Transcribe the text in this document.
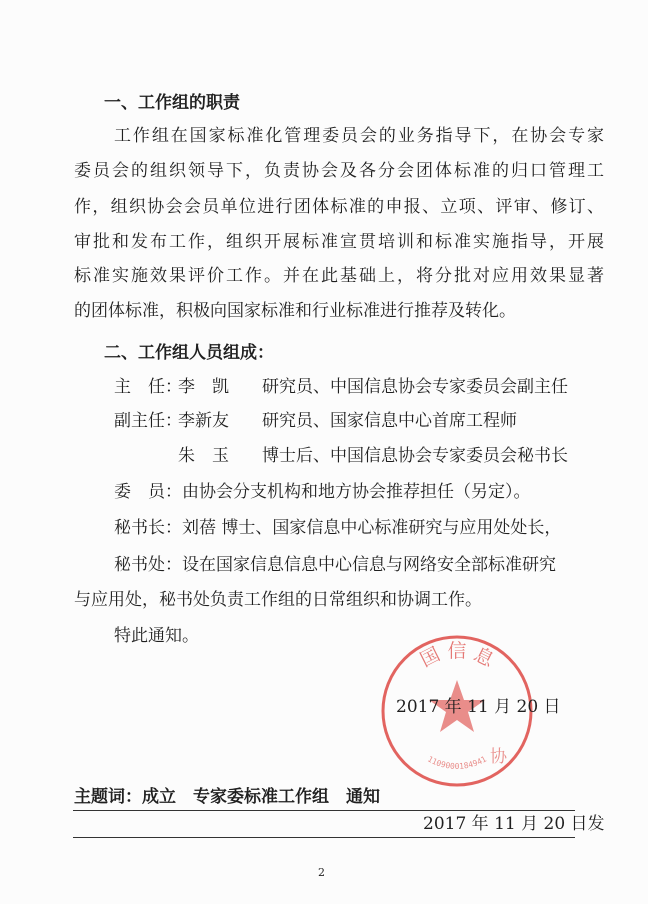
一、工作组的职责
工作组在国家标准化管理委员会的业务指导下，在协会专家
委员会的组织领导下，负责协会及各分会团体标准的归口管理工
作，组织协会会员单位进行团体标准的申报、立项、评审、修订、
审批和发布工作，组织开展标准宣贯培训和标准实施指导，开展
标准实施效果评价工作。并在此基础上，将分批对应用效果显著
的团体标准，积极向国家标准和行业标准进行推荐及转化。
二、工作组人员组成：
主　任：
李　凯 研究员、中国信息协会专家委员会副主任
副主任：
李新友 研究员、国家信息中心首席工程师
朱　玉 博士后、中国信息协会专家委员会秘书长
委　员：由协会分支机构和地方协会推荐担任（另定）。
秘书长：刘蓓 博士、国家信息中心标准研究与应用处处长，
秘书处：设在国家信息信息中心信息与网络安全部标准研究
与应用处，秘书处负责工作组的日常组织和协调工作。
特此通知。
国 信 息
1109000184941 协
2017 年 11 月 20 日
主题词：成立　专家委标准工作组　通知
2017 年 11 月 20 日发
2
